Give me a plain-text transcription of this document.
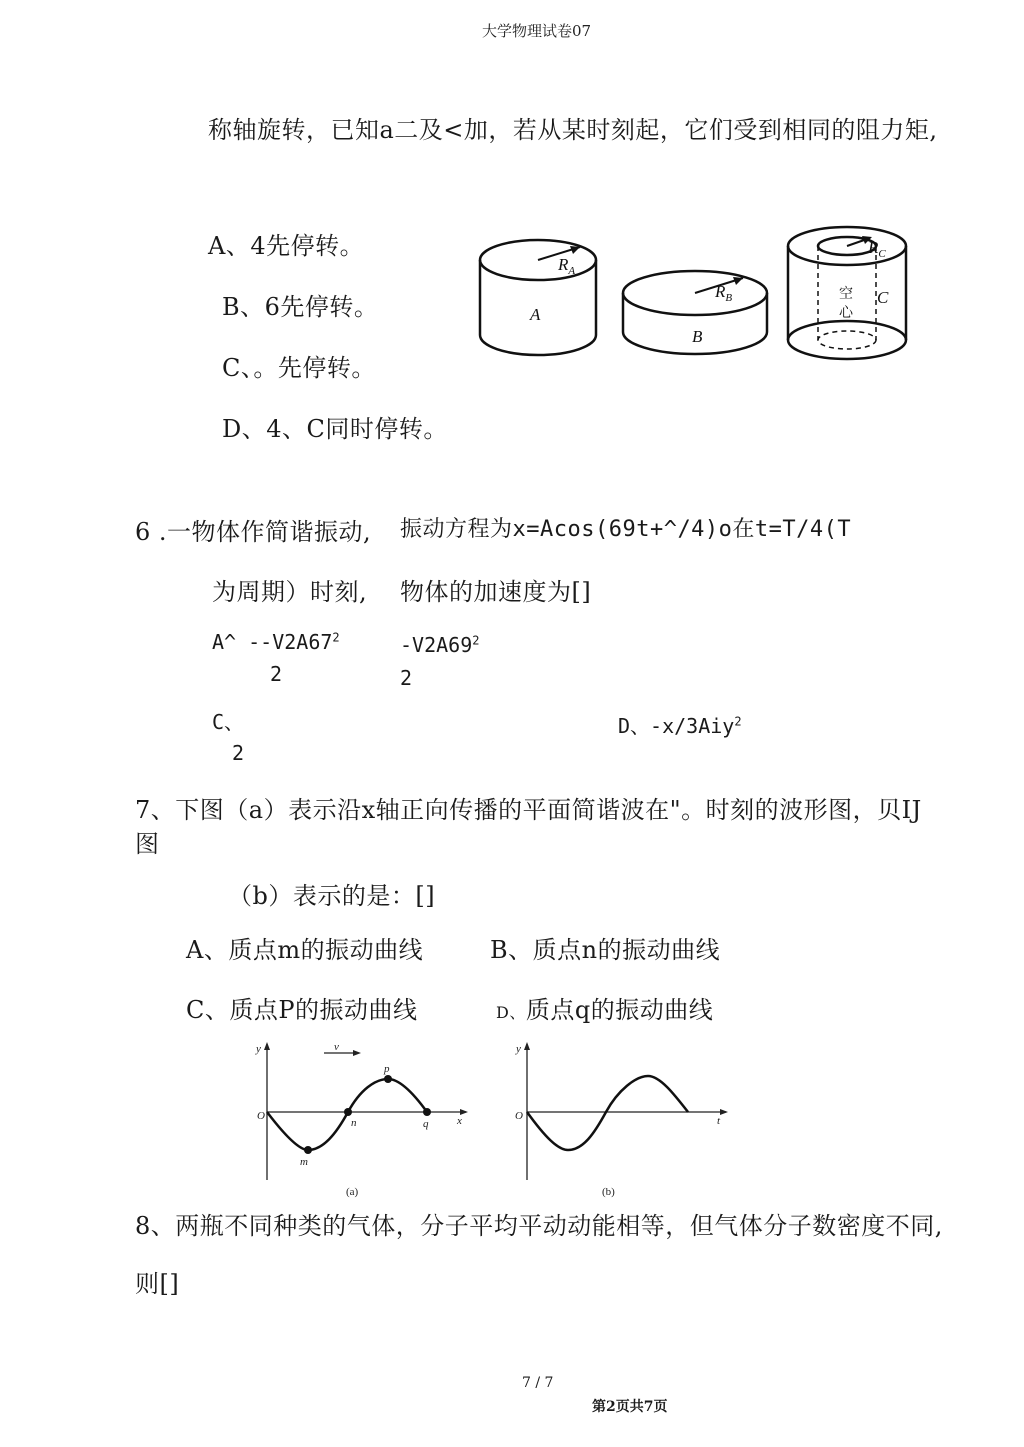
大学物理试卷07
称轴旋转，已知a二及<加，若从某时刻起，它们受到相同的阻力矩,
A、4先停转。
B、6先停转。
C、。先停转。
D、4、C同时停转。
A
$R_A$
B
$R_B$	C
$R_C$
空
心
6 .一物体作简谐振动, 振动方程为x=Acos(69t+^/4)o在t=T/4(T
为周期）时刻, 物体的加速度为[]
A^ $--V2A67^2$
2
$-V2A69^2$
2
C、
2
D、-x/3Aiy$^2$
7、下图（a）表示沿x轴正向传播的平面简谐波在"。时刻的波形图，贝IJ
图
（b）表示的是：[]
A、质点m的振动曲线	B、质点n的振动曲线
C、质点P的振动曲线	D、质点q的振动曲线
y	v
O	x
m
n
p
q
(a)
y
O	t
(b)
8、两瓶不同种类的气体，分子平均平动动能相等，但气体分子数密度不同,
则[]
7 / 7
第2页共7页
